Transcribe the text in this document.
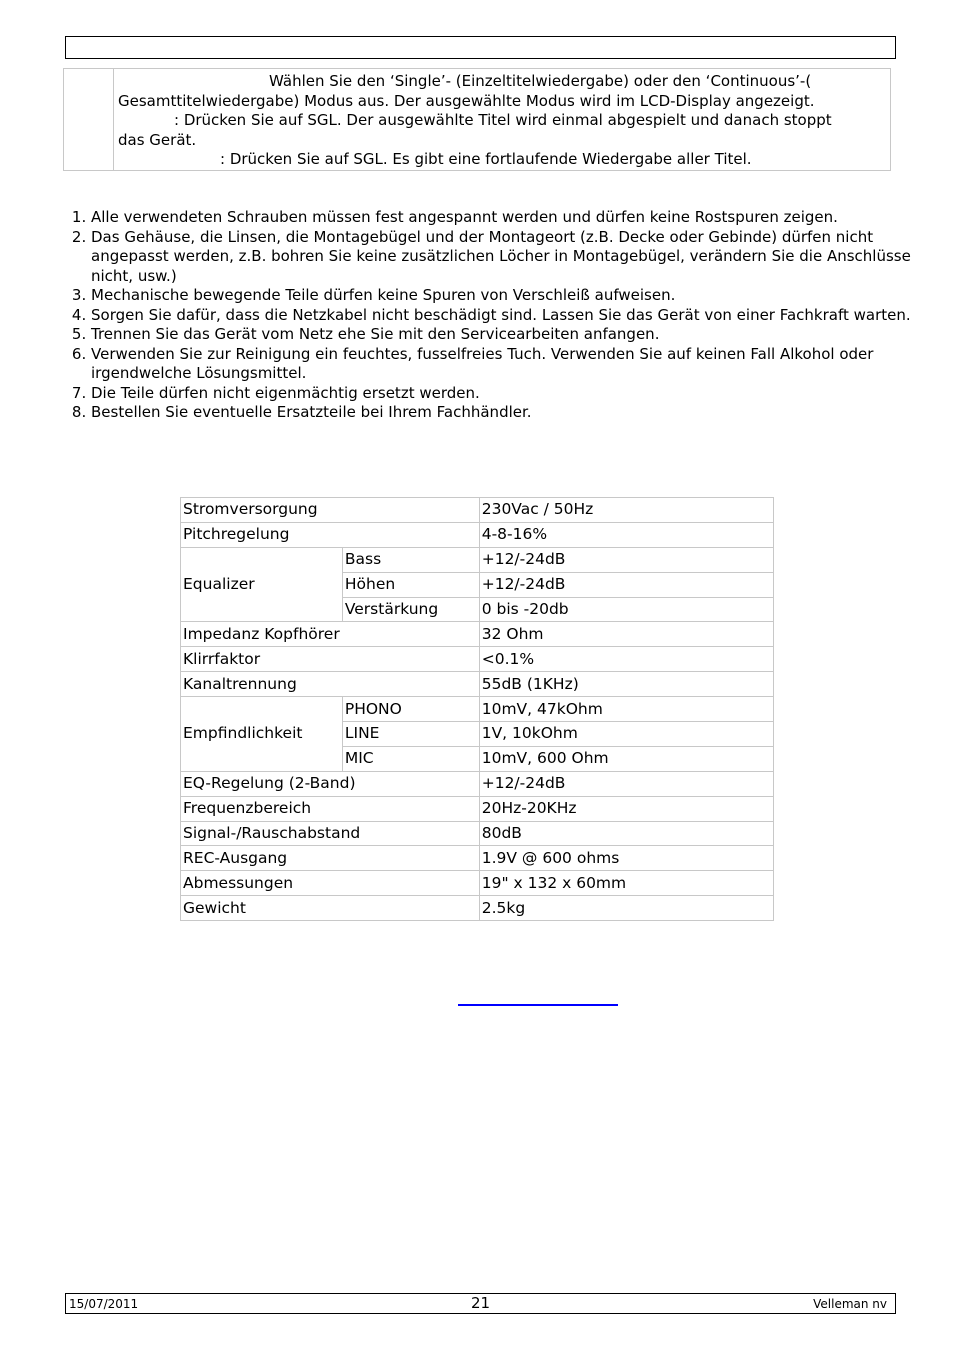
Wählen Sie den ‘Single’- (Einzeltitelwiedergabe) oder den ‘Continuous’-(

Gesamttitelwiedergabe) Modus aus. Der ausgewählte Modus wird im LCD-Display angezeigt.

: Drücken Sie auf SGL. Der ausgewählte Titel wird einmal abgespielt und danach stoppt

das Gerät.

: Drücken Sie auf SGL. Es gibt eine fortlaufende Wiedergabe aller Titel.

1. Alle verwendeten Schrauben müssen fest angespannt werden und dürfen keine Rostspuren zeigen.
2. Das Gehäuse, die Linsen, die Montagebügel und der Montageort (z.B. Decke oder Gebinde) dürfen nicht angepasst werden, z.B. bohren Sie keine zusätzlichen Löcher in Montagebügel, verändern Sie die Anschlüsse nicht, usw.)
3. Mechanische bewegende Teile dürfen keine Spuren von Verschleiß aufweisen.
4. Sorgen Sie dafür, dass die Netzkabel nicht beschädigt sind. Lassen Sie das Gerät von einer Fachkraft warten.
5. Trennen Sie das Gerät vom Netz ehe Sie mit den Servicearbeiten anfangen.
6. Verwenden Sie zur Reinigung ein feuchtes, fusselfreies Tuch. Verwenden Sie auf keinen Fall Alkohol oder irgendwelche Lösungsmittel.
7. Die Teile dürfen nicht eigenmächtig ersetzt werden.
8. Bestellen Sie eventuelle Ersatzteile bei Ihrem Fachhändler.
Stromversorgung		230Vac / 50Hz
Pitchregelung		4-8-16%
Equalizer	Bass	+12/-24dB
	Höhen	+12/-24dB
	Verstärkung	0 bis -20db
Impedanz Kopfhörer		32 Ohm
Klirrfaktor		<0.1%
Kanaltrennung		55dB (1KHz)
Empfindlichkeit	PHONO	10mV, 47kOhm
	LINE	1V, 10kOhm
	MIC	10mV, 600 Ohm
EQ-Regelung (2-Band)		+12/-24dB
Frequenzbereich		20Hz-20KHz
Signal-/Rauschabstand		80dB
REC-Ausgang		1.9V @ 600 ohms
Abmessungen		19" x 132 x 60mm
Gewicht		2.5kg
15/07/2011	21	Velleman nv
